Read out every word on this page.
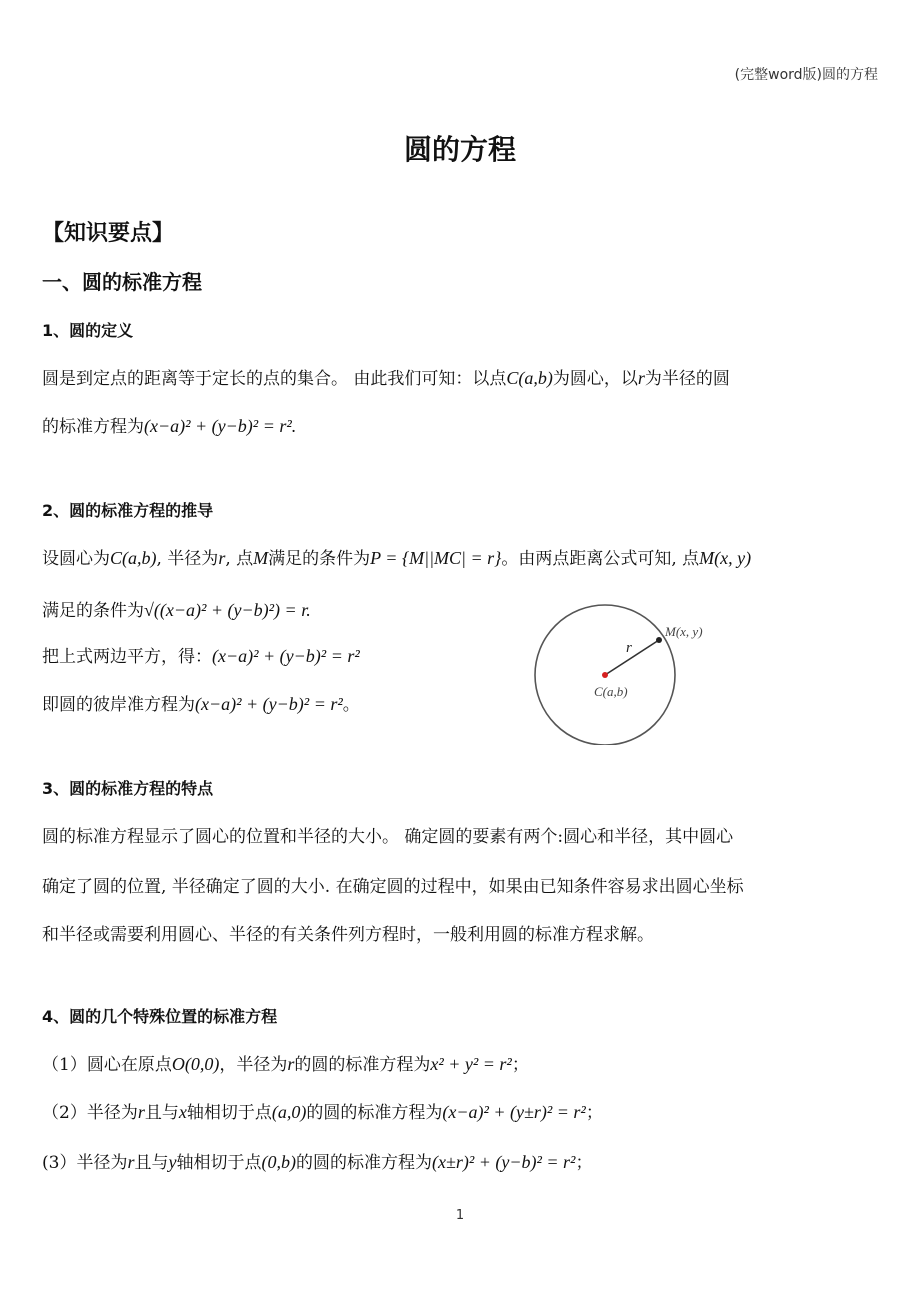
(完整word版)圆的方程
圆的方程
【知识要点】
一、圆的标准方程
1、圆的定义
圆是到定点的距离等于定长的点的集合。 由此我们可知：以点C(a,b)为圆心，以r为半径的圆
的标准方程为(x−a)² + (y−b)² = r².
2、圆的标准方程的推导
设圆心为C(a,b), 半径为r, 点M满足的条件为P = {M||MC| = r}。由两点距离公式可知, 点M(x, y)
满足的条件为√((x−a)² + (y−b)²) = r.
把上式两边平方，得：(x−a)² + (y−b)² = r²
即圆的彼岸准方程为(x−a)² + (y−b)² = r²。
M(x, y)
r
C(a,b)
3、圆的标准方程的特点
圆的标准方程显示了圆心的位置和半径的大小。 确定圆的要素有两个:圆心和半径，其中圆心
确定了圆的位置, 半径确定了圆的大小. 在确定圆的过程中，如果由已知条件容易求出圆心坐标
和半径或需要利用圆心、半径的有关条件列方程时，一般利用圆的标准方程求解。
4、圆的几个特殊位置的标准方程
（1）圆心在原点O(0,0)，半径为r的圆的标准方程为x² + y² = r²；
（2）半径为r且与x轴相切于点(a,0)的圆的标准方程为(x−a)² + (y±r)² = r²；
(3）半径为r且与y轴相切于点(0,b)的圆的标准方程为(x±r)² + (y−b)² = r²；
1
